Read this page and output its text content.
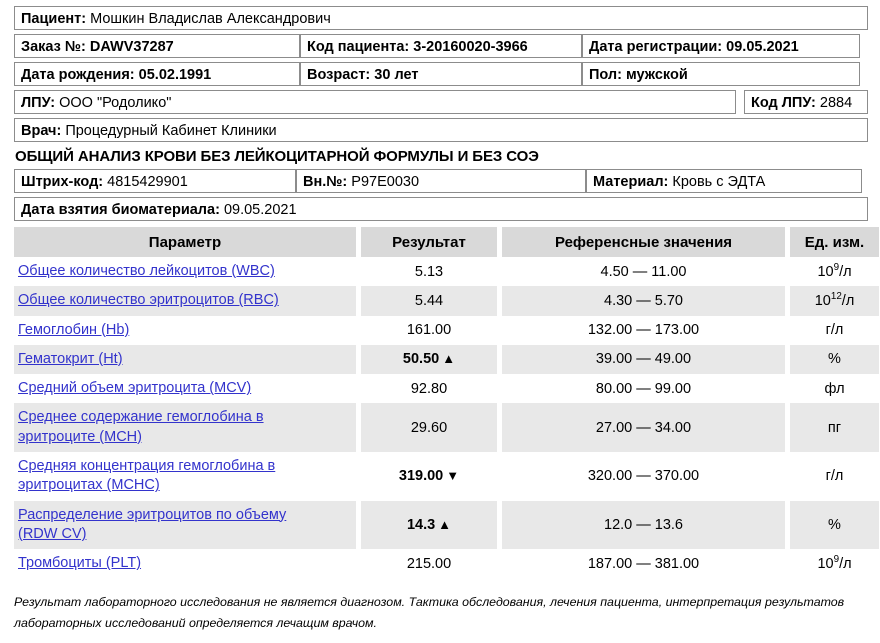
Пациент: Мошкин Владислав Александрович
Заказ №: DAWV37287	Код пациента: 3-20160020-3966	Дата регистрации: 09.05.2021
Дата рождения: 05.02.1991	Возраст: 30 лет	Пол: мужской
ЛПУ: ООО "Родолико"	Код ЛПУ: 2884
Врач: Процедурный Кабинет Клиники
ОБЩИЙ АНАЛИЗ КРОВИ БЕЗ ЛЕЙКОЦИТАРНОЙ ФОРМУЛЫ И БЕЗ СОЭ
Штрих-код: 4815429901	Вн.№: P97E0030	Материал: Кровь с ЭДТА
Дата взятия биоматериала: 09.05.2021
Параметр	Результат	Референсные значения	Ед. изм.
Общее количество лейкоцитов (WBC)	5.13	4.50 — 11.00	$10^9/л$
Общее количество эритроцитов (RBC)	5.44	4.30 — 5.70	$10^{12}/л$
Гемоглобин (Hb)	161.00	132.00 — 173.00	г/л
Гематокрит (Ht)	50.50 ▲	39.00 — 49.00	%
Средний объем эритроцита (MCV)	92.80	80.00 — 99.00	фл
Среднее содержание гемоглобина в
эритроците (MCH)	29.60	27.00 — 34.00	пг
Средняя концентрация гемоглобина в
эритроцитах (MCHC)	319.00 ▼	320.00 — 370.00	г/л
Распределение эритроцитов по объему
(RDW CV)	14.3 ▲	12.0 — 13.6	%
Тромбоциты (PLT)	215.00	187.00 — 381.00	$10^9/л$
Результат лабораторного исследования не является диагнозом. Тактика обследования, лечения пациента, интерпретация результатов лабораторных исследований определяется лечащим врачом.
